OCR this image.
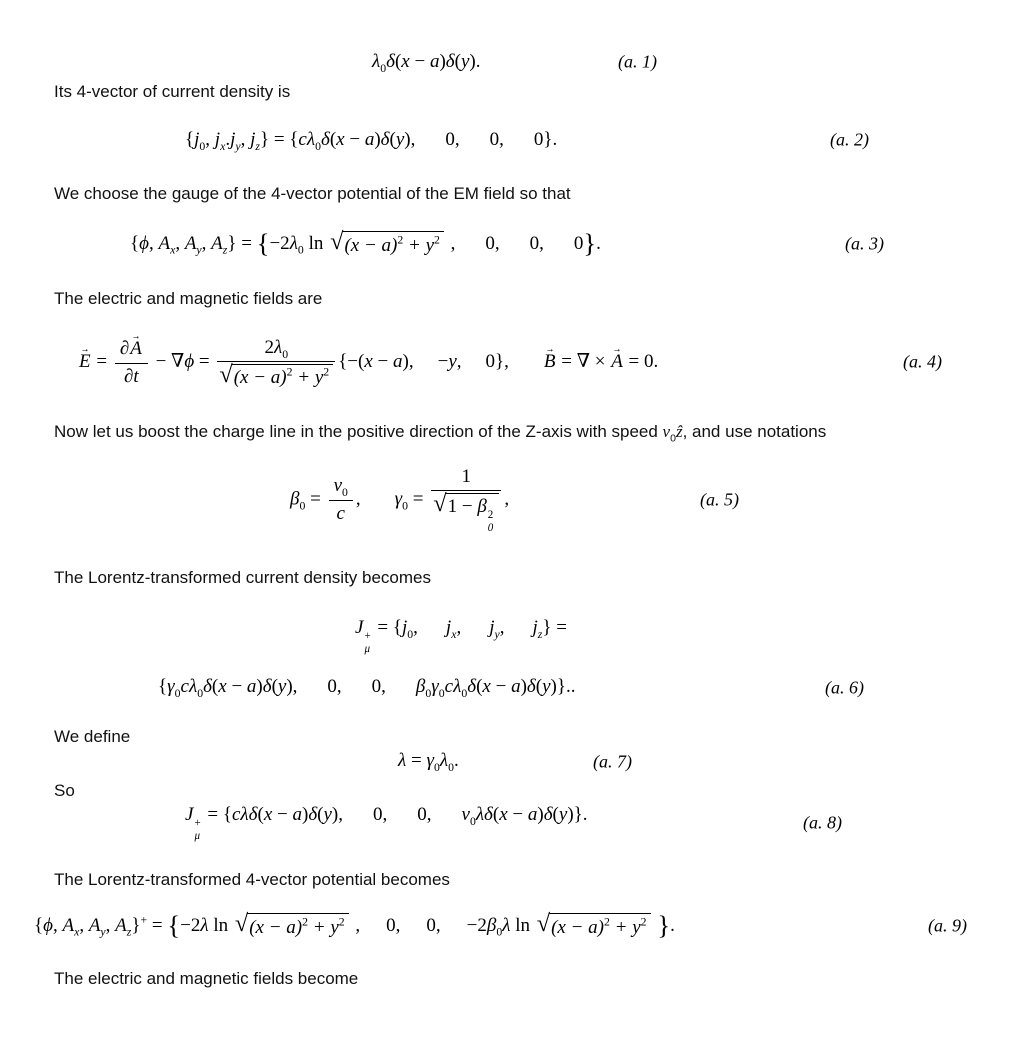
$\lambda_0\delta(x - a)\delta(y)$.	(a. 1)

Its 4-vector of current density is

{$j_0$, $j_x.j_y$, $j_z\} = \{c\lambda_0\delta(x - a)\delta(y)$, 0, 0, 0}.	(a. 2)

We choose the gauge of the 4-vector potential of the EM field so that

{ϕ, $A_x$, $A_y$, $A_z\} = \{-2\lambda_0$ ln √ $(x - a)^2 + y^2$ , 0, 0, 0}.	(a. 3)

The electric and magnetic fields are

E → = $\frac{\partial A \to}{\partial t} - \nabla\phi = \frac{2\lambda_0}{√ (x - a)^2 + y^2} \{-(x - a)$, −y, 0}, B → = ∇ × A → = 0.	(a. 4)

Now let us boost the charge line in the positive direction of the Z-axis with speed $v_0ẑ$, and use notations

$\beta_0 = \frac{v_0}{c}$ , $\gamma_0 = 1$
√ 1 − β 2
0 ,	(a. 5)

The Lorentz-transformed current density becomes

J +
μ
= {$j_0$, $j_x$, $j_y$, $j_z$} =
{$\gamma_0c\lambda_0\delta(x - a)\delta(y)$, 0, 0, $\beta_0\gamma_0c\lambda_0\delta(x - a)\delta(y)$}..	(a. 6)

We define

$\lambda = \gamma_0\lambda_0$.	(a. 7)

So

J +
μ
= {cλδ(x − a)δ(y), 0, 0, $v_0\lambda\delta(x - a)\delta(y)$}.	(a. 8)

The Lorentz-transformed 4-vector potential becomes

{ϕ, $A_x$, $A_y$, $A_z\}^+ = \{-2\lambda$ ln √ $(x - a)^2 + y^2$ , 0, 0, $-2\beta_0\lambda$ ln √ $(x - a)^2 + y^2$ }.	(a. 9)

The electric and magnetic fields become
